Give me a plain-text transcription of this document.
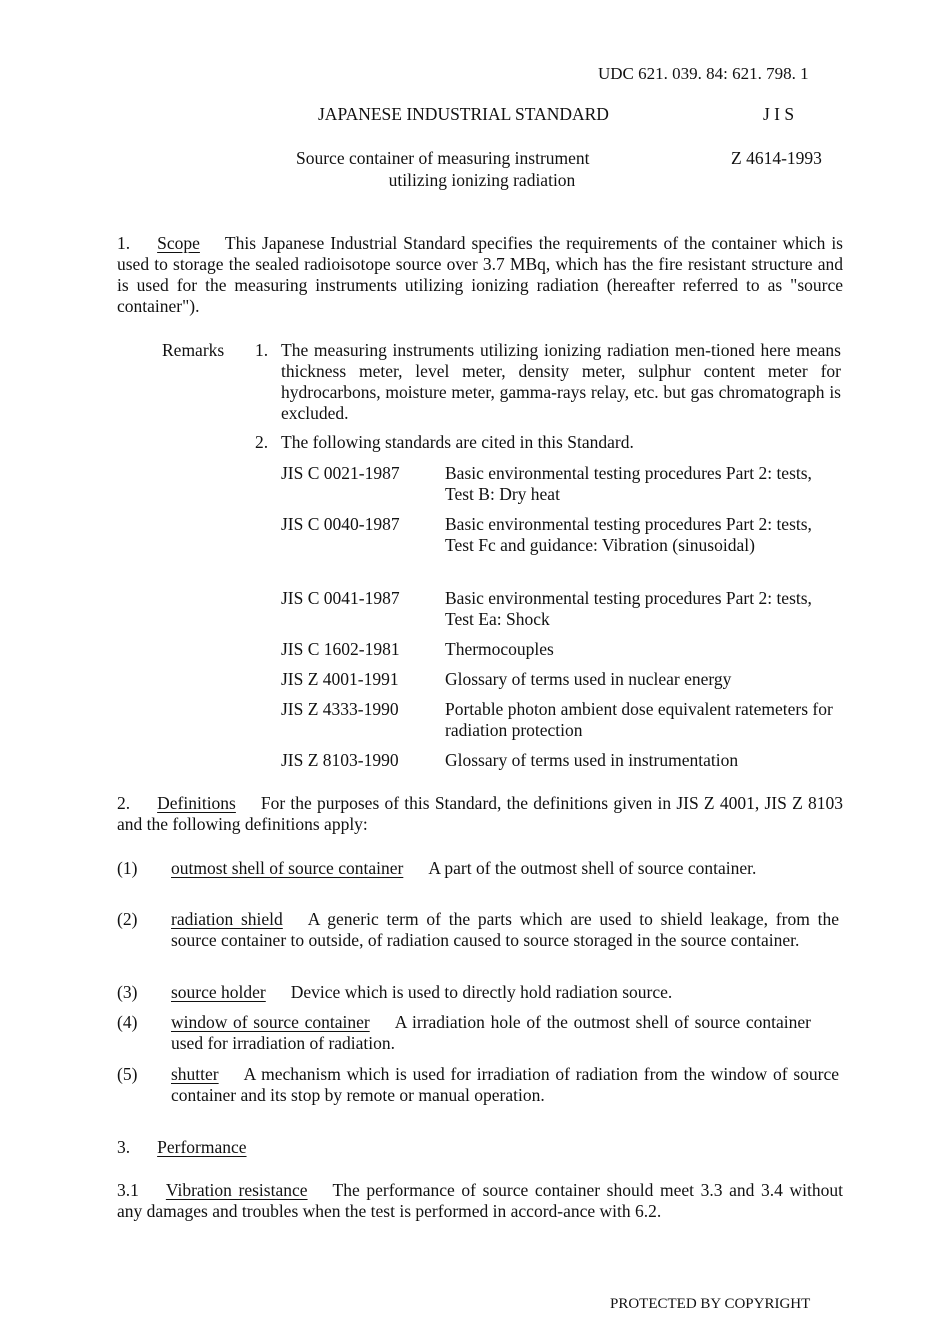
UDC 621. 039. 84: 621. 798. 1
JAPANESE INDUSTRIAL STANDARD	J I S
Source container of measuring instrument
utilizing ionizing radiation
Z 4614-1993
1. Scope This Japanese Industrial Standard specifies the requirements of the container which is used to storage the sealed radioisotope source over 3.7 MBq, which has the fire resistant structure and is used for the measuring instruments utilizing ionizing radiation (hereafter referred to as "source container").
Remarks 1. The measuring instruments utilizing ionizing radiation men-tioned here means thickness meter, level meter, density meter, sulphur content meter for hydrocarbons, moisture meter, gamma-rays relay, etc. but gas chromatograph is excluded.
2. The following standards are cited in this Standard.
JIS C 0021-1987	Basic environmental testing procedures Part 2: tests, Test B: Dry heat
JIS C 0040-1987	Basic environmental testing procedures Part 2: tests, Test Fc and guidance: Vibration (sinusoidal)
JIS C 0041-1987	Basic environmental testing procedures Part 2: tests, Test Ea: Shock
JIS C 1602-1981	Thermocouples
JIS Z 4001-1991	Glossary of terms used in nuclear energy
JIS Z 4333-1990	Portable photon ambient dose equivalent ratemeters for radiation protection
JIS Z 8103-1990	Glossary of terms used in instrumentation
2. Definitions For the purposes of this Standard, the definitions given in JIS Z 4001, JIS Z 8103 and the following definitions apply:
(1) outmost shell of source container A part of the outmost shell of source container.
(2) radiation shield A generic term of the parts which are used to shield leakage, from the source container to outside, of radiation caused to source storaged in the source container.
(3) source holder Device which is used to directly hold radiation source.
(4) window of source container A irradiation hole of the outmost shell of source container used for irradiation of radiation.
(5) shutter A mechanism which is used for irradiation of radiation from the window of source container and its stop by remote or manual operation.
3. Performance
3.1 Vibration resistance The performance of source container should meet 3.3 and 3.4 without any damages and troubles when the test is performed in accord-ance with 6.2.
PROTECTED BY COPYRIGHT
